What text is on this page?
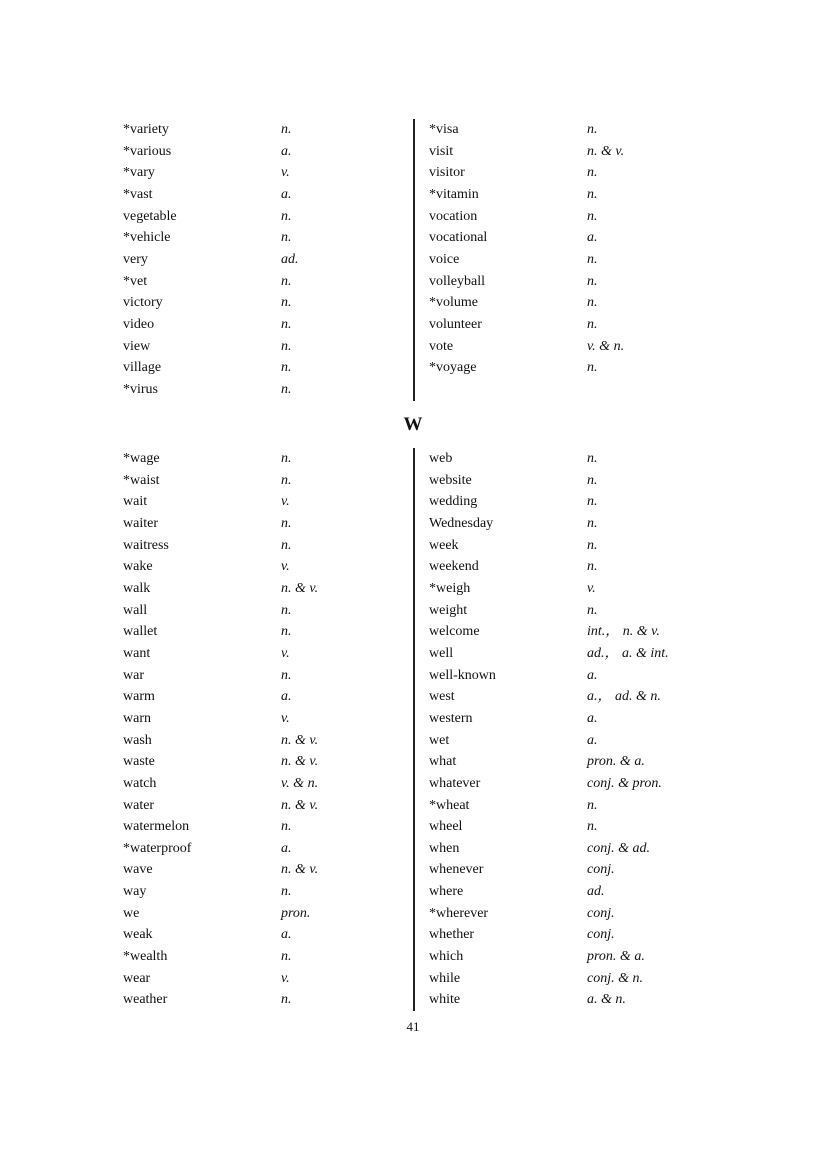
*variety	n.
*various	a.
*vary	v.
*vast	a.
vegetable	n.
*vehicle	n.
very	ad.
*vet	n.
victory	n.
video	n.
view	n.
village	n.
*virus	n.
*visa	n.
visit	n. & v.
visitor	n.
*vitamin	n.
vocation	n.
vocational	a.
voice	n.
volleyball	n.
*volume	n.
volunteer	n.
vote	v. & n.
*voyage	n.
W
*wage	n.
*waist	n.
wait	v.
waiter	n.
waitress	n.
wake	v.
walk	n. & v.
wall	n.
wallet	n.
want	v.
war	n.
warm	a.
warn	v.
wash	n. & v.
waste	n. & v.
watch	v. & n.
water	n. & v.
watermelon	n.
*waterproof	a.
wave	n. & v.
way	n.
we	pron.
weak	a.
*wealth	n.
wear	v.
weather	n.
web	n.
website	n.
wedding	n.
Wednesday	n.
week	n.
weekend	n.
*weigh	v.
weight	n.
welcome	int.， n. & v.
well	ad.， a. & int.
well-known	a.
west	a.， ad. & n.
western	a.
wet	a.
what	pron. & a.
whatever	conj. & pron.
*wheat	n.
wheel	n.
when	conj. & ad.
whenever	conj.
where	ad.
*wherever	conj.
whether	conj.
which	pron. & a.
while	conj. & n.
white	a. & n.
41
